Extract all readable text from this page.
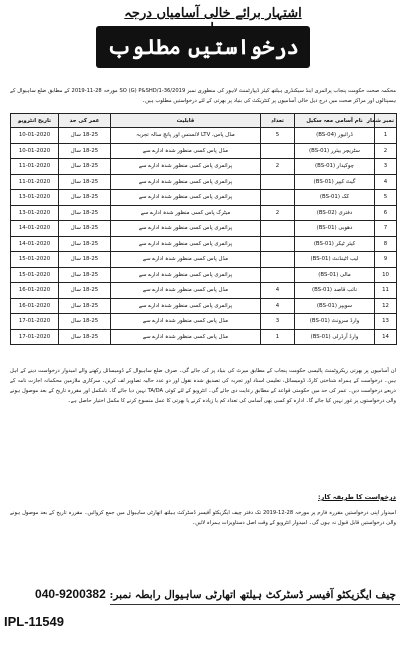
اشتہار برائے خالی آسامیاں درجہ
درخواستیں مطلوب ہیں
محکمہ صحت حکومت پنجاب پرائمری اینڈ سیکنڈری ہیلتھ کیئر ڈیپارٹمنٹ لاہور کی منظوری نمبر SO (G) P&SHD/1-36/2019 مورخہ 28-11-2019 کے مطابق ضلع ساہیوال کے ہسپتالوں اور مراکز صحت میں درج ذیل خالی آسامیوں پر کنٹریکٹ کی بنیاد پر بھرتی کے لئے درخواستیں مطلوب ہیں۔
نمبر شمار	نام آسامی معہ سکیل	تعداد	قابلیت	عمر کی حد	تاریخ انٹرویو
1	ڈرائیور (BS-04)	5	مڈل پاس، LTV لائسنس اور پانچ سالہ تجربہ	18-25 سال	10-01-2020
2	سٹریچر بیئرر (BS-01)		مڈل پاس کسی منظور شدہ ادارے سے	18-25 سال	10-01-2020
3	چوکیدار (BS-01)	2	پرائمری پاس کسی منظور شدہ ادارے سے	18-25 سال	11-01-2020
4	گیٹ کیپر (BS-01)		پرائمری پاس کسی منظور شدہ ادارے سے	18-25 سال	11-01-2020
5	کک (BS-01)		پرائمری پاس کسی منظور شدہ ادارے سے	18-25 سال	13-01-2020
6	دفتری (BS-02)	2	میٹرک پاس کسی منظور شدہ ادارے سے	18-25 سال	13-01-2020
7	دھوبی (BS-01)		پرائمری پاس کسی منظور شدہ ادارے سے	18-25 سال	14-01-2020
8	کیئر ٹیکر (BS-01)		پرائمری پاس کسی منظور شدہ ادارے سے	18-25 سال	14-01-2020
9	لیب اٹینڈنٹ (BS-01)		مڈل پاس کسی منظور شدہ ادارے سے	18-25 سال	15-01-2020
10	مالی (BS-01)		پرائمری پاس کسی منظور شدہ ادارے سے	18-25 سال	15-01-2020
11	نائب قاصد (BS-01)	4	مڈل پاس کسی منظور شدہ ادارے سے	18-25 سال	16-01-2020
12	سویپر (BS-01)	4	پرائمری پاس کسی منظور شدہ ادارے سے	18-25 سال	16-01-2020
13	وارڈ سرونٹ (BS-01)	3	مڈل پاس کسی منظور شدہ ادارے سے	18-25 سال	17-01-2020
14	وارڈ آرڈرلی (BS-01)	1	مڈل پاس کسی منظور شدہ ادارے سے	18-25 سال	17-01-2020
ان آسامیوں پر بھرتی ریکروٹمنٹ پالیسی حکومت پنجاب کے مطابق میرٹ کی بنیاد پر کی جائے گی۔ صرف ضلع ساہیوال کے ڈومیسائل رکھنے والے امیدوار درخواست دینے کے اہل ہیں۔ درخواست کے ہمراہ شناختی کارڈ، ڈومیسائل، تعلیمی اسناد اور تجربہ کی تصدیق شدہ نقول اور دو عدد حالیہ تصاویر لف کریں۔ سرکاری ملازمین محکمانہ اجازت نامہ کے ذریعے درخواست دیں۔ عمر کی حد میں حکومتی قواعد کے مطابق رعایت دی جائے گی۔ انٹرویو کے لئے کوئی TA/DA نہیں دیا جائے گا۔ نامکمل اور مقررہ تاریخ کے بعد موصول ہونے والی درخواستوں پر غور نہیں کیا جائے گا۔ ادارہ کو کسی بھی آسامی کی تعداد کم یا زیادہ کرنے یا بھرتی کا عمل منسوخ کرنے کا مکمل اختیار حاصل ہے۔
درخواست کا طریقہ کار:
امیدوار اپنی درخواستیں مقررہ فارم پر مورخہ 28-12-2019 تک دفتر چیف ایگزیکٹو آفیسر ڈسٹرکٹ ہیلتھ اتھارٹی ساہیوال میں جمع کروائیں۔ مقررہ تاریخ کے بعد موصول ہونے والی درخواستیں قابل قبول نہ ہوں گی۔ امیدوار انٹرویو کے وقت اصل دستاویزات ہمراہ لائیں۔
چیف ایگزیکٹو آفیسر ڈسٹرکٹ ہیلتھ اتھارٹی ساہیوال رابطہ نمبر: 040-9200382
IPL-11549
